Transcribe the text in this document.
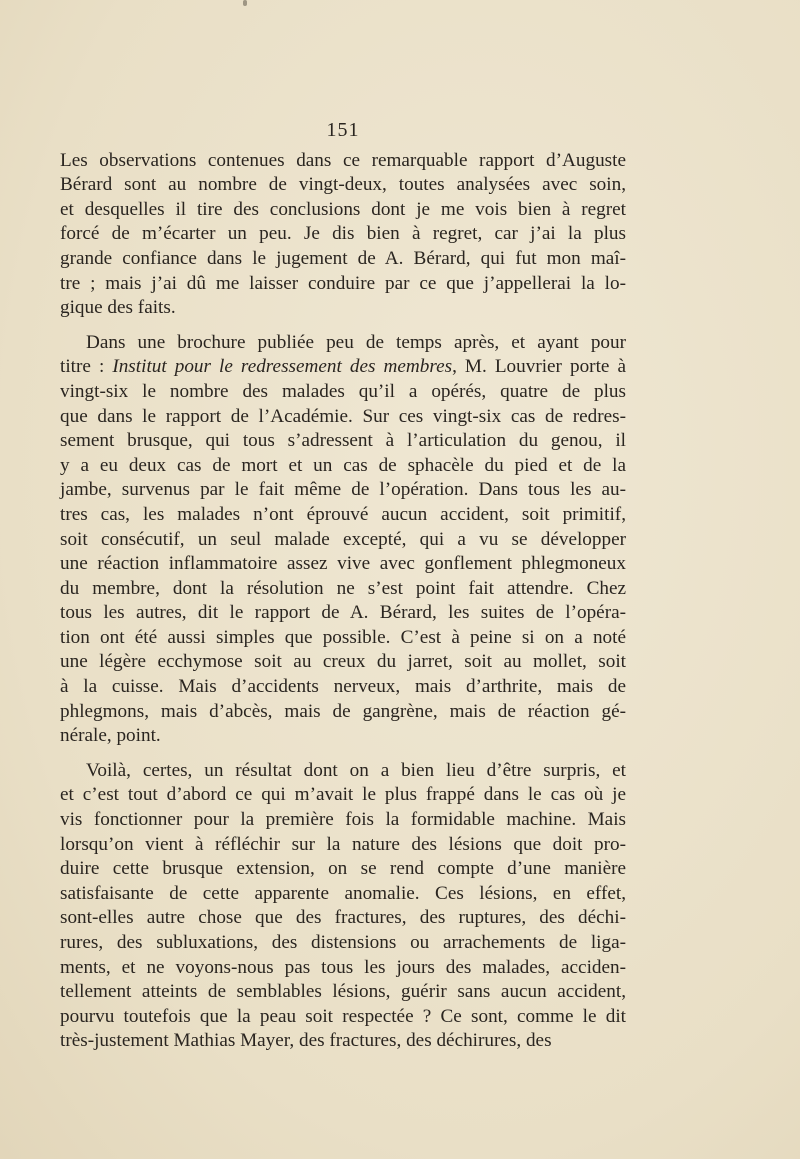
151

Les observations contenues dans ce remarquable rapport d’Auguste
Bérard sont au nombre de vingt-deux, toutes analysées avec soin,
et desquelles il tire des conclusions dont je me vois bien à regret
forcé de m’écarter un peu. Je dis bien à regret, car j’ai la plus
grande confiance dans le jugement de A. Bérard, qui fut mon maî-
tre ; mais j’ai dû me laisser conduire par ce que j’appellerai la lo-
gique des faits.

Dans une brochure publiée peu de temps après, et ayant pour
titre : Institut pour le redressement des membres, M. Louvrier porte à
vingt-six le nombre des malades qu’il a opérés, quatre de plus
que dans le rapport de l’Académie. Sur ces vingt-six cas de redres-
sement brusque, qui tous s’adressent à l’articulation du genou, il
y a eu deux cas de mort et un cas de sphacèle du pied et de la
jambe, survenus par le fait même de l’opération. Dans tous les au-
tres cas, les malades n’ont éprouvé aucun accident, soit primitif,
soit consécutif, un seul malade excepté, qui a vu se développer
une réaction inflammatoire assez vive avec gonflement phlegmoneux
du membre, dont la résolution ne s’est point fait attendre. Chez
tous les autres, dit le rapport de A. Bérard, les suites de l’opéra-
tion ont été aussi simples que possible. C’est à peine si on a noté
une légère ecchymose soit au creux du jarret, soit au mollet, soit
à la cuisse. Mais d’accidents nerveux, mais d’arthrite, mais de
phlegmons, mais d’abcès, mais de gangrène, mais de réaction gé-
nérale, point.

Voilà, certes, un résultat dont on a bien lieu d’être surpris, et
et c’est tout d’abord ce qui m’avait le plus frappé dans le cas où je
vis fonctionner pour la première fois la formidable machine. Mais
lorsqu’on vient à réfléchir sur la nature des lésions que doit pro-
duire cette brusque extension, on se rend compte d’une manière
satisfaisante de cette apparente anomalie. Ces lésions, en effet,
sont-elles autre chose que des fractures, des ruptures, des déchi-
rures, des subluxations, des distensions ou arrachements de liga-
ments, et ne voyons-nous pas tous les jours des malades, acciden-
tellement atteints de semblables lésions, guérir sans aucun accident,
pourvu toutefois que la peau soit respectée ? Ce sont, comme le dit
très-justement Mathias Mayer, des fractures, des déchirures, des
